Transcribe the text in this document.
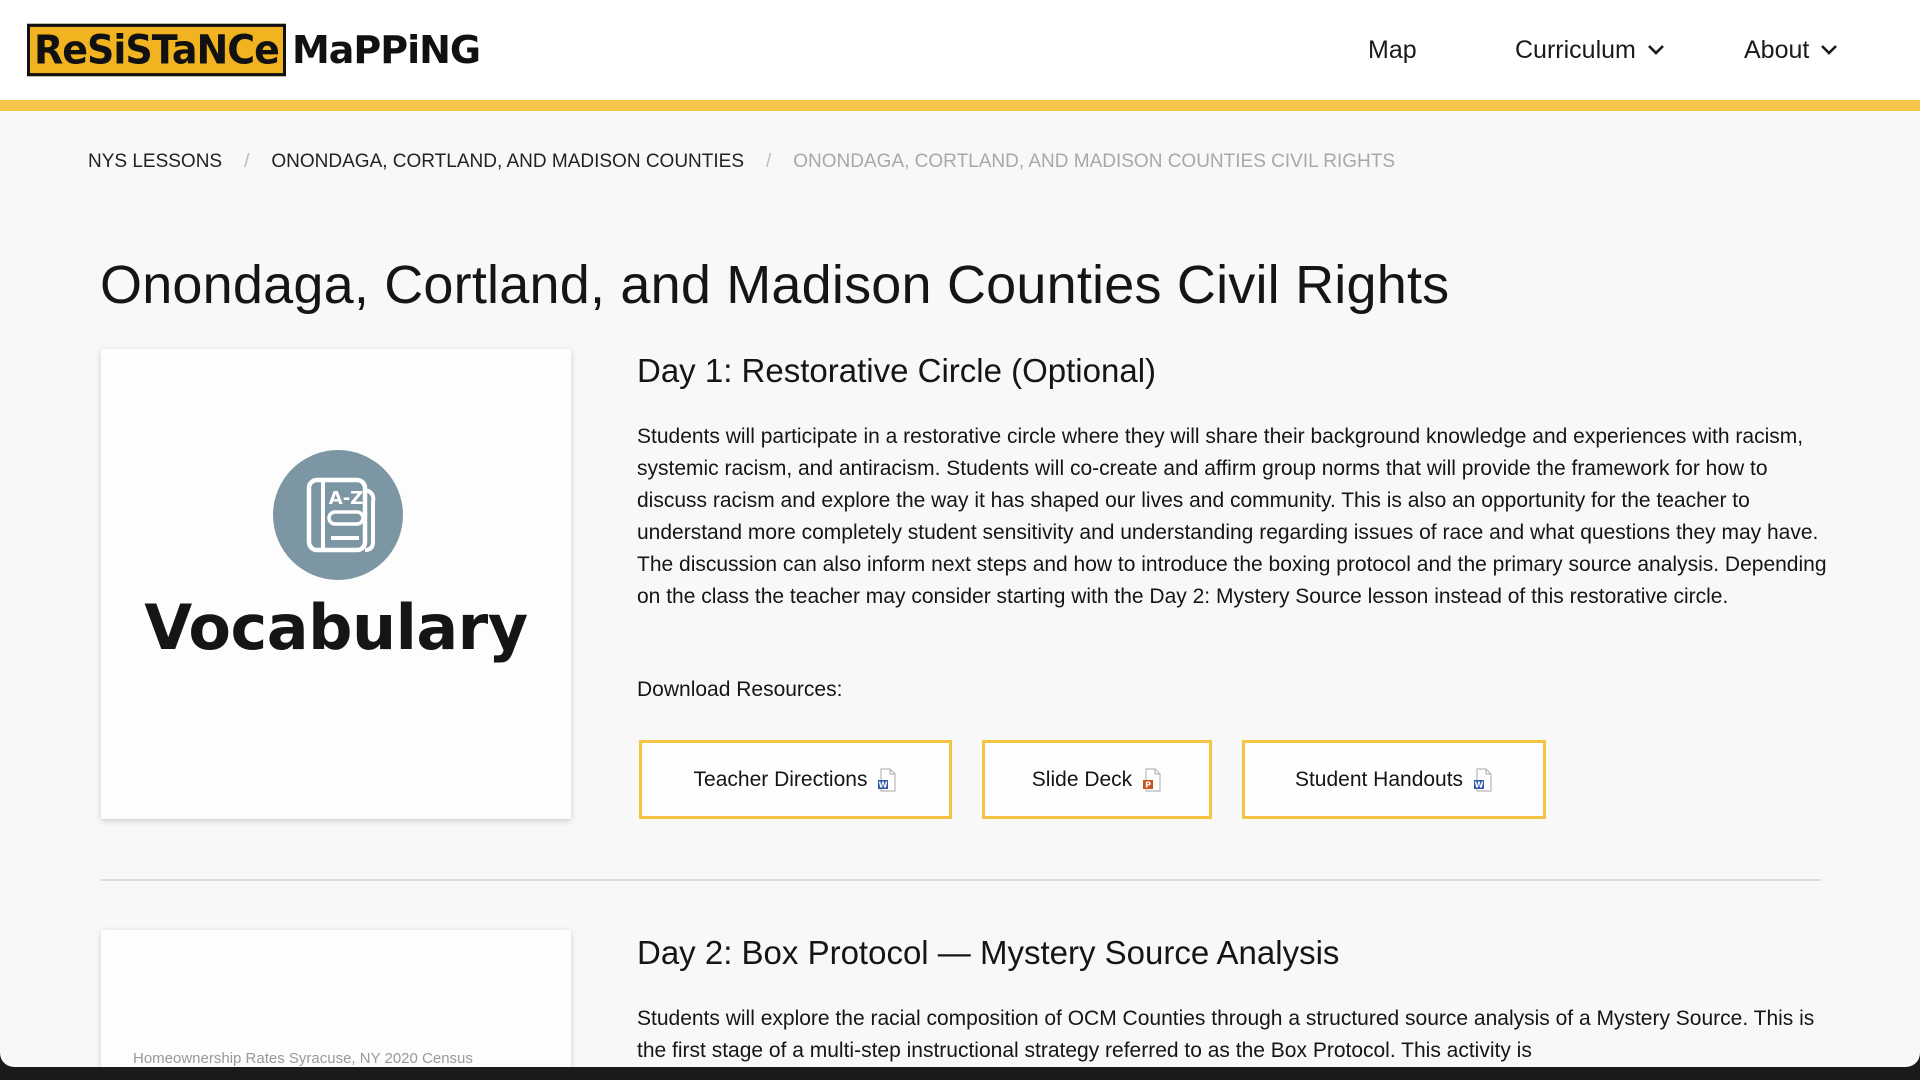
ReSiSTaNCe MaPPiNG	Map	Curriculum	About
NYS LESSONS / ONONDAGA, CORTLAND, AND MADISON COUNTIES / ONONDAGA, CORTLAND, AND MADISON COUNTIES CIVIL RIGHTS
Onondaga, Cortland, and Madison Counties Civil Rights
A-Z
Vocabulary
Day 1: Restorative Circle (Optional)

Students will participate in a restorative circle where they will share their background knowledge and experiences with racism, systemic racism, and antiracism. Students will co-create and affirm group norms that will provide the framework for how to discuss racism and explore the way it has shaped our lives and community. This is also an opportunity for the teacher to understand more completely student sensitivity and understanding regarding issues of race and what questions they may have. The discussion can also inform next steps and how to introduce the boxing protocol and the primary source analysis. Depending on the class the teacher may consider starting with the Day 2: Mystery Source lesson instead of this restorative circle.

Download Resources:
Teacher Directions W	Slide Deck P	Student Handouts W
Homeownership Rates Syracuse, NY 2020 Census
Day 2: Box Protocol — Mystery Source Analysis

Students will explore the racial composition of OCM Counties through a structured source analysis of a Mystery Source. This is the first stage of a multi-step instructional strategy referred to as the Box Protocol. This activity is
